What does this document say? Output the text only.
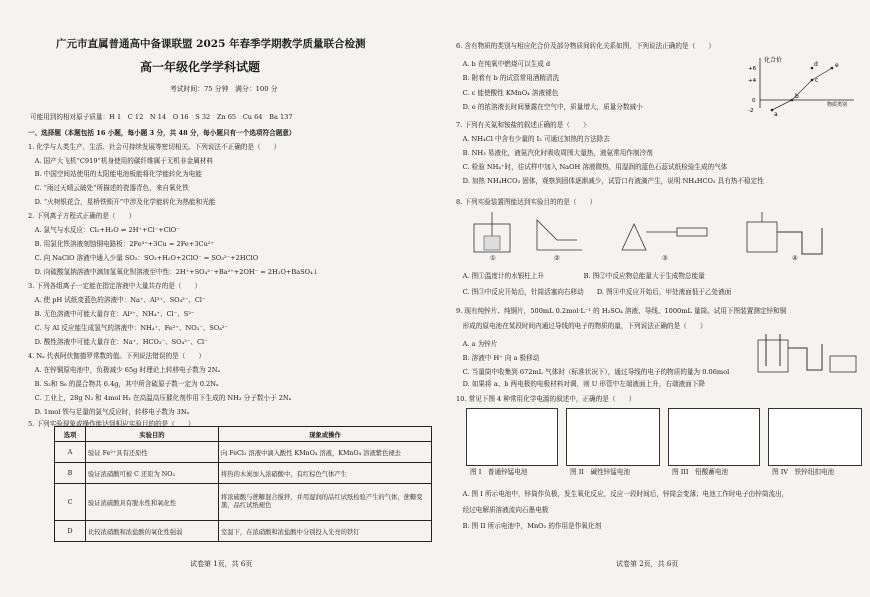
广元市直属普通高中备课联盟 2025 年春季学期教学质量联合检测
高一年级化学学科试题
考试时间：75 分钟　满分：100 分
可能用到的相对原子质量：H 1　C 12　N 14　O 16　S 32　Zn 65　Cu 64　Ba 137
一、选择题（本题包括 16 小题，每小题 3 分，共 48 分，每小题只有一个选项符合题意）
1. 化学与人类生产、生活、社会可持续发展等密切相关。下列说法不正确的是（　　）
　A. 国产大飞机“C919”机身使用的碳纤维属于无机非金属材料
　B. 中国空间站使用的太阳能电池板能将化学能转化为电能
　C. “雨过天晴云破处”所描述的瓷器青色，来自氧化铁
　D. “火树银花合，星桥铁锁开”中涉及化学能转化为热能和光能
2. 下列离子方程式正确的是（　　）
　A. 氯气与水反应：Cl₂+H₂O ⇌ 2H⁺+Cl⁻+ClO⁻
　B. 用氯化铁溶液刻蚀铜电路板：2Fe³⁺+3Cu = 2Fe+3Cu²⁺
　C. 向 NaClO 溶液中通入少量 SO₂：SO₂+H₂O+2ClO⁻ = SO₃²⁻+2HClO
　D. 向硫酸氢钠溶液中滴加氢氧化钡溶液至中性：2H⁺+SO₄²⁻+Ba²⁺+2OH⁻ = 2H₂O+BaSO₄↓
3. 下列各组离子一定能在指定溶液中大量共存的是（　　）
　A. 使 pH 试纸变蓝色的溶液中：Na⁺、Al³⁺、SO₄²⁻、Cl⁻
　B. 无色溶液中可能大量存在：Al³⁺、NH₄⁺、Cl⁻、S²⁻
　C. 与 Al 反应能生成氢气的溶液中：NH₄⁺、Fe²⁺、NO₃⁻、SO₄²⁻
　D. 酸性溶液中可能大量存在：Na⁺、HCO₃⁻、SO₄²⁻、Cl⁻
4. Nₐ 代表阿伏伽德罗常数的值。下列说法错误的是（　　）
　A. 在锌铜原电池中，负极减少 65g 时理论上转移电子数为 2Nₐ
　B. S₂和 S₈ 的混合物共 6.4g，其中所含硫原子数一定为 0.2Nₐ
　C. 工业上，28g N₂ 和 4mol H₂ 在高温高压催化剂作用下生成的 NH₃ 分子数小于 2Nₐ
　D. 1mol 铁与足量的氯气反应时，转移电子数为 3Nₐ
5. 下列实验现象或操作能达到相应实验目的的是（　　）
选项	实验目的	现象或操作
A	验证 Fe²⁺具有还原性	向 FeCl₂ 溶液中滴入酸性 KMnO₄ 溶液，KMnO₄ 溶液紫色褪去
B	验证浓硝酸可被 C 还原为 NO₂	将热的木炭加入浓硝酸中，有红棕色气体产生
C	验证浓硫酸具有脱水性和氧化性	将浓硫酸与蔗糖混合搅拌，并用湿润的品红试纸检验产生的气体，蔗糖变黑，品红试纸褪色
D	比较浓硝酸和浓盐酸的氧化性强弱	室温下，在浓硝酸和浓盐酸中分别投入光亮的铁钉
试卷第 1页，共 6页
6. 含有物质的类别与相应化合价及部分物质间转化关系如图，下列说法正确的是（　　）
　A. b 在纯氧中燃烧可以生成 d
　B. 附着有 b 的试管常用酒精清洗
　C. c 能使酸性 KMnO₄ 溶液褪色
　D. e 的浓溶液长时间暴露在空气中，质量增大，质量分数减小
7. 下列有关氮和铵盐的叙述正确的是（　　）
　A. NH₄Cl 中含有少量的 I₂ 可通过加热的方法除去
　B. NH₃ 易液化，液氨汽化时吸收周围大量热，液氨常用作制冷剂
　C. 检验 NH₄⁺时，往试样中加入 NaOH 溶液微热，用湿润的蓝色石蕊试纸检验生成的气体
　D. 加热 NH₄HCO₃ 固体，观察到固体逐渐减少，试管口有液滴产生，说明 NH₄HCO₃ 具有热不稳定性
8. 下列实验装置图能达到实验目的的是（　　）
　A. 图①温度计的水银柱上升　　　　　　B. 图②中反应物总能量大于生成物总能量
　C. 图③中反应开始后，针筒活塞向右移动　　D. 图④中反应开始后，甲处液面低于乙处液面
9. 现有纯锌片、纯铜片，500mL 0.2mol·L⁻¹ 的 H₂SO₄ 溶液、导线、1000mL 量筒。试用下图装置测定锌和铜
　形成的原电池在某段时间内通过导线的电子的物质的量，下列说法正确的是（　　）
　A. a 为锌片
　B. 溶液中 H⁺ 向 a 极移动
　C. 当量筒中收集到 672mL 气体时（标准状况下），通过导线的电子的物质的量为 0.06mol
　D. 如果将 a、b 两电极的电极材料对调，则 U 形管中左端液面上升，右端液面下降
10. 常见下图 4 种常用化学电源的叙述中，正确的是（　　）
　A. 图 I 所示电池中，锌筒作负极，发生氧化反应，反应一段时间后，锌筒会变薄；电池工作时电子由锌筒流出，
　经过电解质溶液流向石墨电极
　B. 图 II 所示电池中，MnO₂ 的作用是作氧化剂
化合价
+6
+4
0
-2
e
c
b
d
a
物质类别
①	②	③	④
图 I　普通锌锰电池	图 II　碱性锌锰电池	图 III　铅酸蓄电池	图 IV　铁锌纽扣电池
试卷第 2页，共 6页
